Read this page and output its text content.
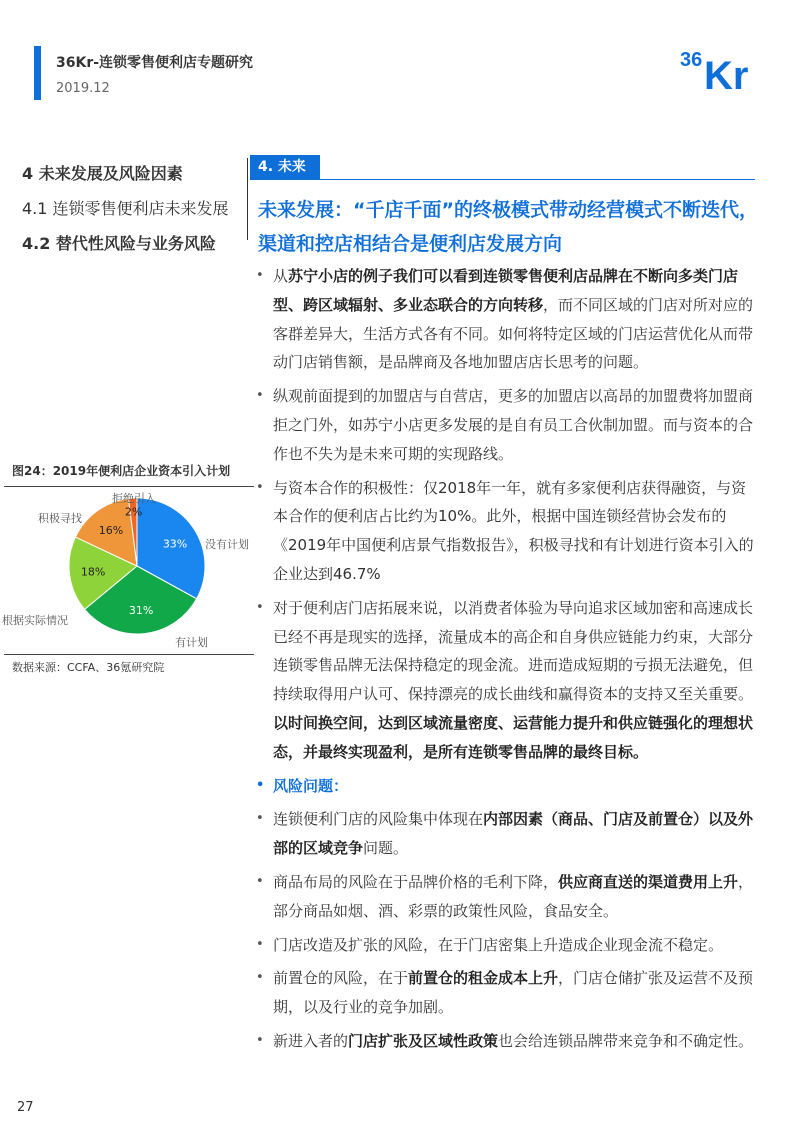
36Kr-连锁零售便利店专题研究
2019.12
36 Kr
4 未来发展及风险因素
4.1 连锁零售便利店未来发展
4.2 替代性风险与业务风险
4. 未来
未来发展：“千店千面”的终极模式带动经营模式不断迭代，渠道和控店相结合是便利店发展方向
• 从苏宁小店的例子我们可以看到连锁零售便利店品牌在不断向多类门店型、跨区域辐射、多业态联合的方向转移，而不同区域的门店对所对应的客群差异大，生活方式各有不同。如何将特定区域的门店运营优化从而带动门店销售额，是品牌商及各地加盟店店长思考的问题。
• 纵观前面提到的加盟店与自营店，更多的加盟店以高昂的加盟费将加盟商拒之门外，如苏宁小店更多发展的是自有员工合伙制加盟。而与资本的合作也不失为是未来可期的实现路线。
• 与资本合作的积极性：仅2018年一年，就有多家便利店获得融资，与资本合作的便利店占比约为10%。此外，根据中国连锁经营协会发布的《2019年中国便利店景气指数报告》，积极寻找和有计划进行资本引入的企业达到46.7%
• 对于便利店门店拓展来说，以消费者体验为导向追求区域加密和高速成长已经不再是现实的选择，流量成本的高企和自身供应链能力约束，大部分连锁零售品牌无法保持稳定的现金流。进而造成短期的亏损无法避免，但持续取得用户认可、保持漂亮的成长曲线和赢得资本的支持又至关重要。以时间换空间，达到区域流量密度、运营能力提升和供应链强化的理想状态，并最终实现盈利，是所有连锁零售品牌的最终目标。
• 风险问题：
• 连锁便利门店的风险集中体现在内部因素（商品、门店及前置仓）以及外部的区域竞争问题。
• 商品布局的风险在于品牌价格的毛利下降，供应商直送的渠道费用上升，部分商品如烟、酒、彩票的政策性风险，食品安全。
• 门店改造及扩张的风险，在于门店密集上升造成企业现金流不稳定。
• 前置仓的风险，在于前置仓的租金成本上升，门店仓储扩张及运营不及预期，以及行业的竞争加剧。
• 新进入者的门店扩张及区域性政策也会给连锁品牌带来竞争和不确定性。
图24：2019年便利店企业资本引入计划
33% 没有计划
31%
有计划
18%
根据实际情况
16%
积极寻找	2%
拒绝引入
数据来源：CCFA、36氪研究院
27
